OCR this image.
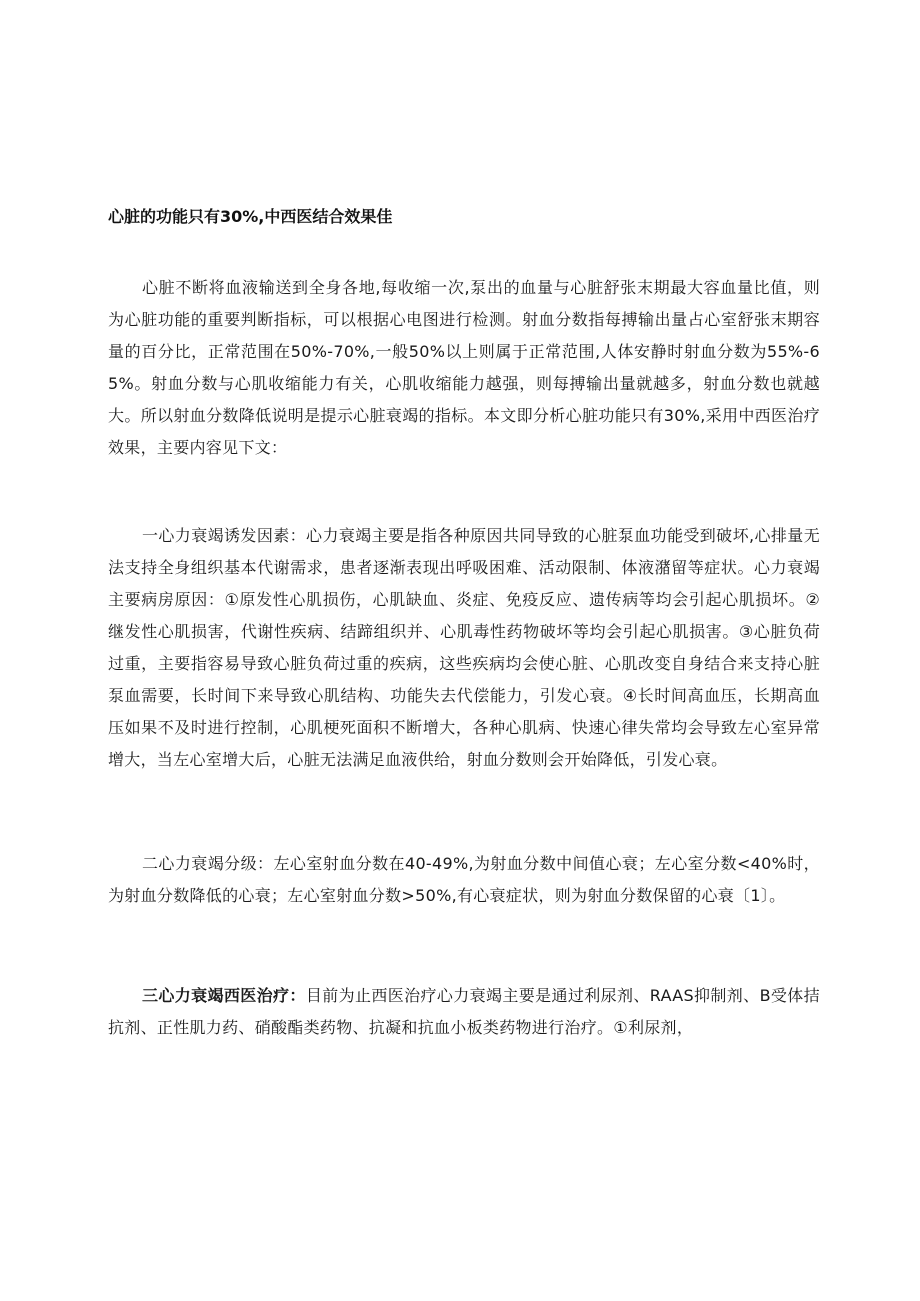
心脏的功能只有30%,中西医结合效果佳

心脏不断将血液输送到全身各地,每收缩一次,泵出的血量与心脏舒张末期最大容血量比值，则为心脏功能的重要判断指标，可以根据心电图进行检测。射血分数指每搏输出量占心室舒张末期容量的百分比，正常范围在50%-70%,一般50%以上则属于正常范围,人体安静时射血分数为55%-65%。射血分数与心肌收缩能力有关，心肌收缩能力越强，则每搏输出量就越多，射血分数也就越大。所以射血分数降低说明是提示心脏衰竭的指标。本文即分析心脏功能只有30%,采用中西医治疗效果，主要内容见下文：

一心力衰竭诱发因素：心力衰竭主要是指各种原因共同导致的心脏泵血功能受到破坏,心排量无法支持全身组织基本代谢需求，患者逐渐表现出呼吸困难、活动限制、体液潴留等症状。心力衰竭主要病房原因：①原发性心肌损伤，心肌缺血、炎症、免疫反应、遗传病等均会引起心肌损坏。②继发性心肌损害，代谢性疾病、结蹄组织并、心肌毒性药物破坏等均会引起心肌损害。③心脏负荷过重，主要指容易导致心脏负荷过重的疾病，这些疾病均会使心脏、心肌改变自身结合来支持心脏泵血需要，长时间下来导致心肌结构、功能失去代偿能力，引发心衰。④长时间高血压，长期高血压如果不及时进行控制，心肌梗死面积不断增大，各种心肌病、快速心律失常均会导致左心室异常增大，当左心室增大后，心脏无法满足血液供给，射血分数则会开始降低，引发心衰。

二心力衰竭分级：左心室射血分数在40-49%,为射血分数中间值心衰；左心室分数<40%时，为射血分数降低的心衰；左心室射血分数>50%,有心衰症状，则为射血分数保留的心衰〔1〕。

三心力衰竭西医治疗：目前为止西医治疗心力衰竭主要是通过利尿剂、RAAS抑制剂、B受体拮抗剂、正性肌力药、硝酸酯类药物、抗凝和抗血小板类药物进行治疗。①利尿剂，
